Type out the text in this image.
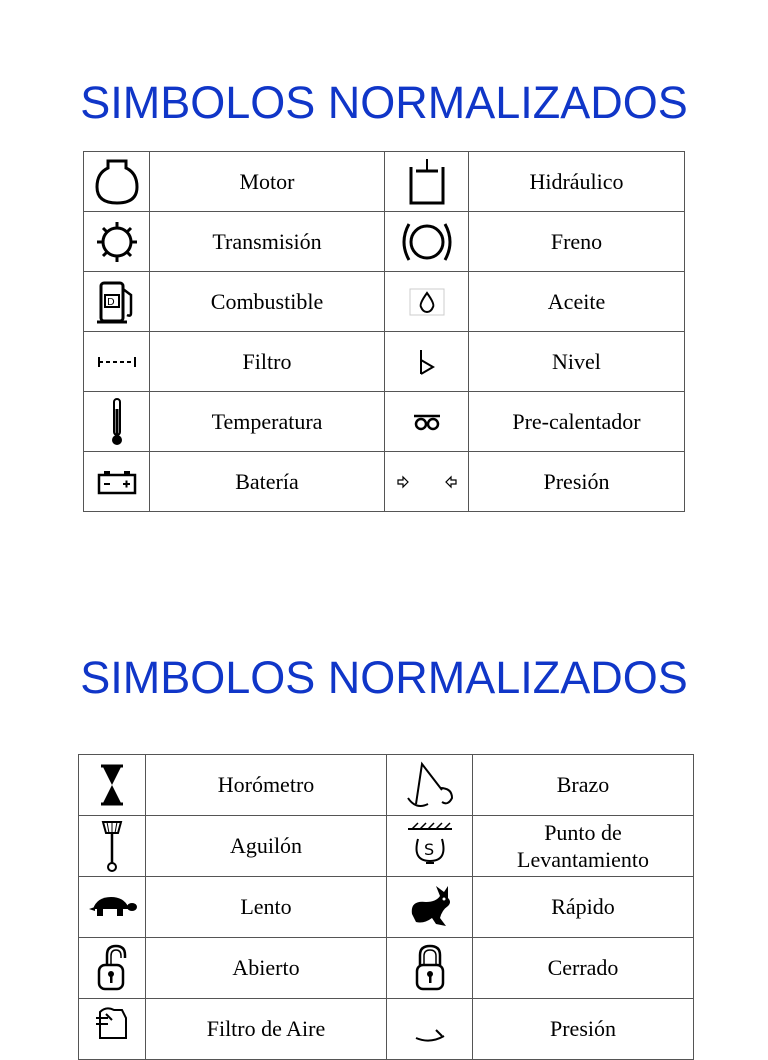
SIMBOLOS NORMALIZADOS
	Motor		Hidráulico

	Transmisión		Freno

D	Combustible		Aceite

	Filtro		Nivel

	Temperatura		Pre-calentador

	Batería		Presión
SIMBOLOS NORMALIZADOS
	Horómetro		Brazo

	Aguilón	S	Punto de
Levantamiento

	Lento		Rápido

	Abierto		Cerrado

	Filtro de Aire		Presión
